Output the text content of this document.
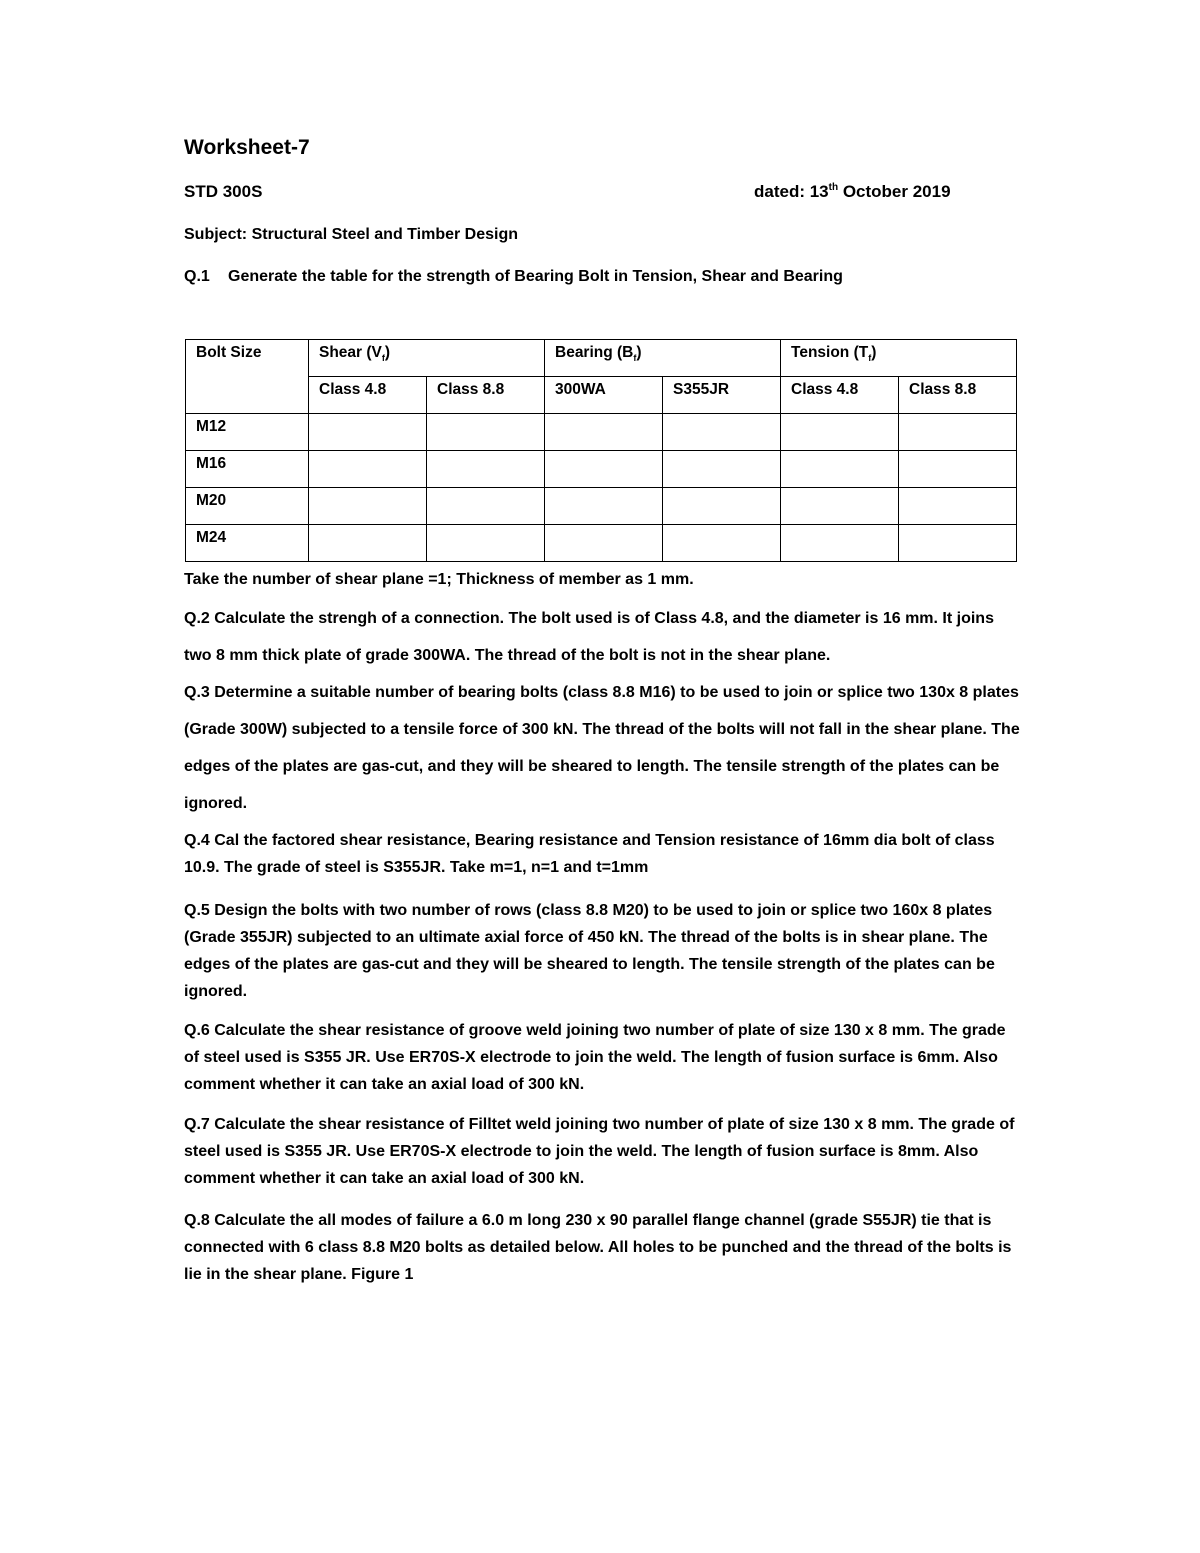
Worksheet-7
STD 300S	dated: 13th October 2019
Subject: Structural Steel and Timber Design
Q.1 Generate the table for the strength of Bearing Bolt in Tension, Shear and Bearing
Bolt Size	Shear $(V_f)$		Bearing $(B_f)$		Tension $(T_f)$	
	Class 4.8	Class 8.8	300WA	S355JR	Class 4.8	Class 8.8
M12						
M16						
M20						
M24						

Take the number of shear plane =1; Thickness of member as 1 mm.

Q.2 Calculate the strengh of a connection. The bolt used is of Class 4.8, and the diameter is 16 mm. It joins two 8 mm thick plate of grade 300WA. The thread of the bolt is not in the shear plane.

Q.3 Determine a suitable number of bearing bolts (class 8.8 M16) to be used to join or splice two 130x 8 plates (Grade 300W) subjected to a tensile force of 300 kN. The thread of the bolts will not fall in the shear plane. The edges of the plates are gas-cut, and they will be sheared to length. The tensile strength of the plates can be ignored.

Q.4 Cal the factored shear resistance, Bearing resistance and Tension resistance of 16mm dia bolt of class 10.9. The grade of steel is S355JR. Take m=1, n=1 and t=1mm

Q.5 Design the bolts with two number of rows (class 8.8 M20) to be used to join or splice two 160x 8 plates (Grade 355JR) subjected to an ultimate axial force of 450 kN. The thread of the bolts is in shear plane. The edges of the plates are gas-cut and they will be sheared to length. The tensile strength of the plates can be ignored.

Q.6 Calculate the shear resistance of groove weld joining two number of plate of size 130 x 8 mm. The grade of steel used is S355 JR. Use ER70S-X electrode to join the weld. The length of fusion surface is 6mm. Also comment whether it can take an axial load of 300 kN.

Q.7 Calculate the shear resistance of Filltet weld joining two number of plate of size 130 x 8 mm. The grade of steel used is S355 JR. Use ER70S-X electrode to join the weld. The length of fusion surface is 8mm. Also comment whether it can take an axial load of 300 kN.

Q.8 Calculate the all modes of failure a 6.0 m long 230 x 90 parallel flange channel (grade S55JR) tie that is connected with 6 class 8.8 M20 bolts as detailed below. All holes to be punched and the thread of the bolts is lie in the shear plane. Figure 1
